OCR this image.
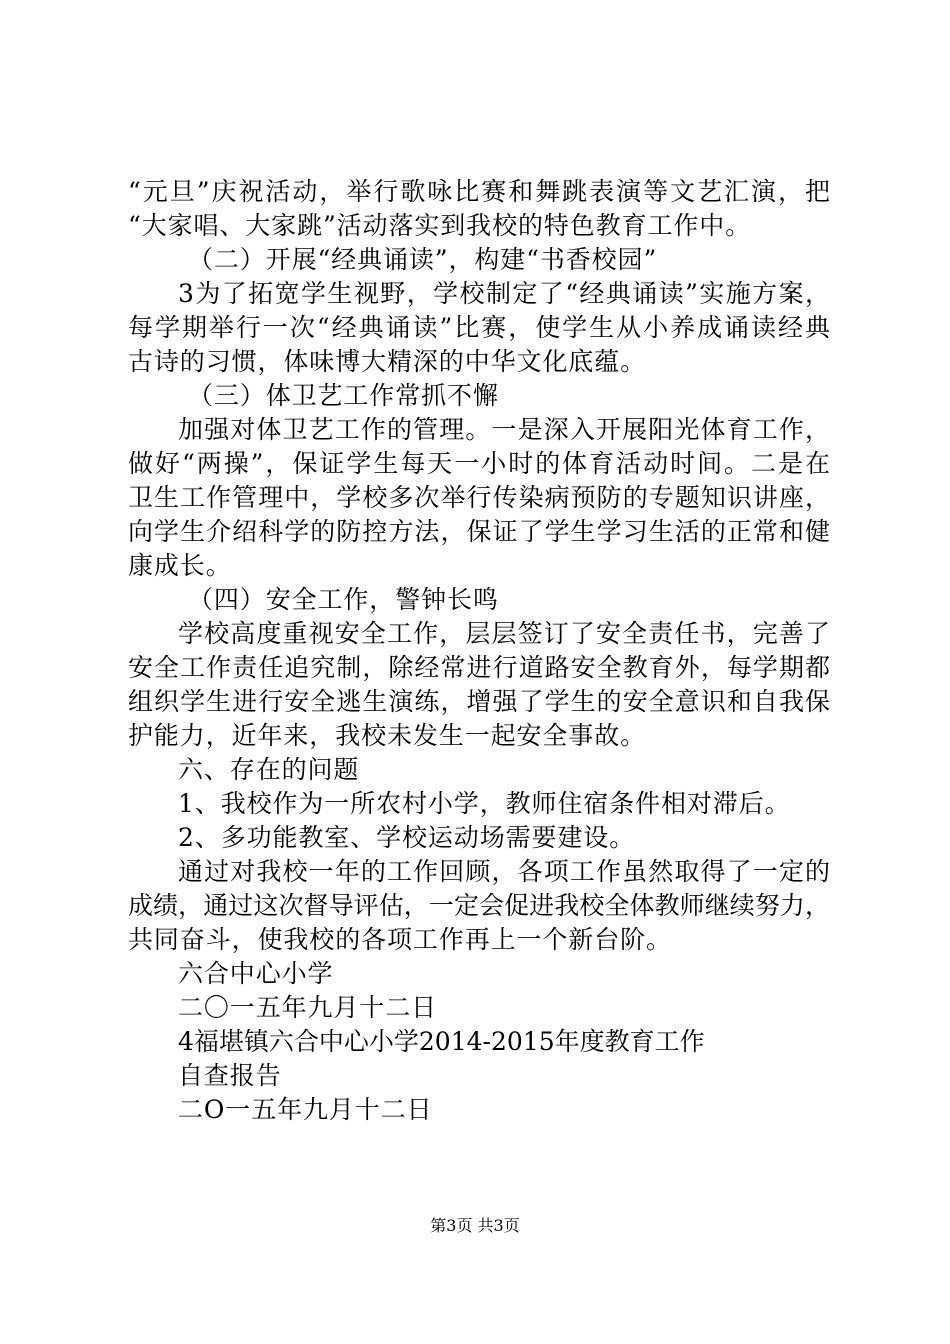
“元旦”庆祝活动，举行歌咏比赛和舞跳表演等文艺汇演，把
“大家唱、大家跳”活动落实到我校的特色教育工作中。
（二）开展“经典诵读”，构建“书香校园”
3为了拓宽学生视野，学校制定了“经典诵读”实施方案，
每学期举行一次“经典诵读”比赛，使学生从小养成诵读经典
古诗的习惯，体味博大精深的中华文化底蕴。
（三）体卫艺工作常抓不懈
加强对体卫艺工作的管理。一是深入开展阳光体育工作，
做好“两操”，保证学生每天一小时的体育活动时间。二是在
卫生工作管理中，学校多次举行传染病预防的专题知识讲座，
向学生介绍科学的防控方法，保证了学生学习生活的正常和健
康成长。
（四）安全工作，警钟长鸣
学校高度重视安全工作，层层签订了安全责任书，完善了
安全工作责任追究制，除经常进行道路安全教育外，每学期都
组织学生进行安全逃生演练，增强了学生的安全意识和自我保
护能力，近年来，我校未发生一起安全事故。
六、存在的问题
1、我校作为一所农村小学，教师住宿条件相对滞后。
2、多功能教室、学校运动场需要建设。
通过对我校一年的工作回顾，各项工作虽然取得了一定的
成绩，通过这次督导评估，一定会促进我校全体教师继续努力，
共同奋斗，使我校的各项工作再上一个新台阶。
六合中心小学
二〇一五年九月十二日
4福堪镇六合中心小学2014-2015年度教育工作
自查报告
二O一五年九月十二日
第3页 共3页
